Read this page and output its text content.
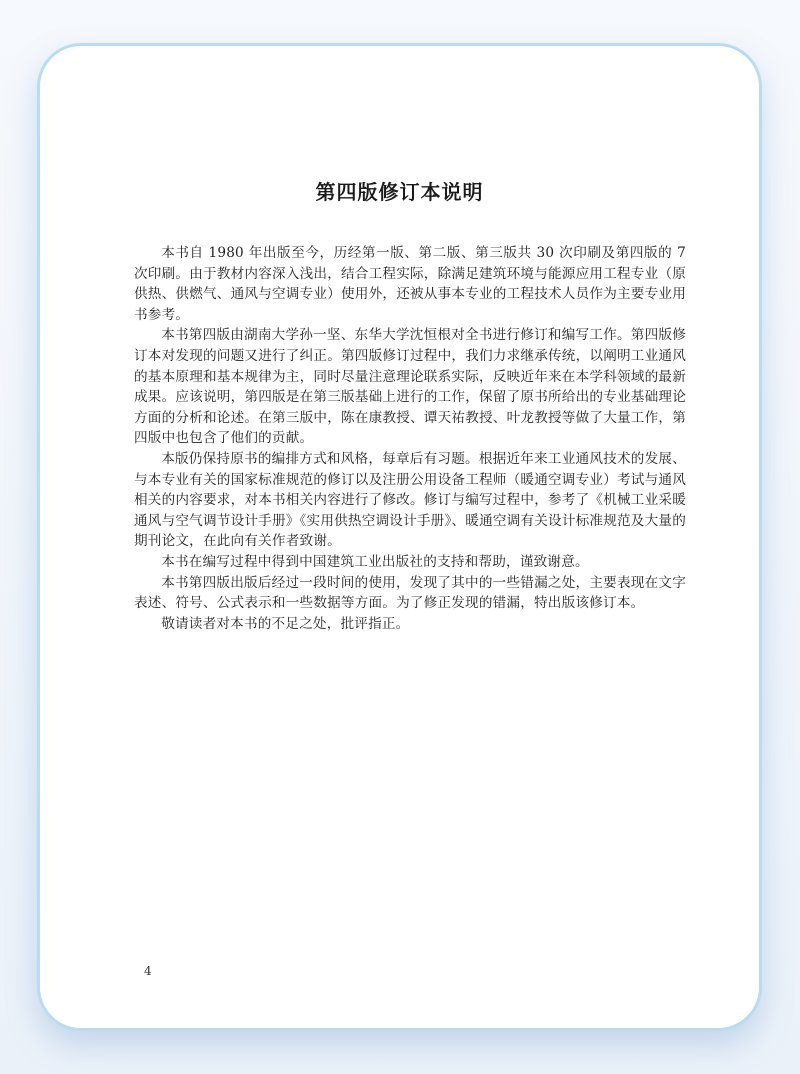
第四版修订本说明

本书自 1980 年出版至今，历经第一版、第二版、第三版共 30 次印刷及第四版的 7 次印刷。由于教材内容深入浅出，结合工程实际，除满足建筑环境与能源应用工程专业（原供热、供燃气、通风与空调专业）使用外，还被从事本专业的工程技术人员作为主要专业用书参考。

本书第四版由湖南大学孙一坚、东华大学沈恒根对全书进行修订和编写工作。第四版修订本对发现的问题又进行了纠正。第四版修订过程中，我们力求继承传统，以阐明工业通风的基本原理和基本规律为主，同时尽量注意理论联系实际，反映近年来在本学科领域的最新成果。应该说明，第四版是在第三版基础上进行的工作，保留了原书所给出的专业基础理论方面的分析和论述。在第三版中，陈在康教授、谭天祐教授、叶龙教授等做了大量工作，第四版中也包含了他们的贡献。

本版仍保持原书的编排方式和风格，每章后有习题。根据近年来工业通风技术的发展、与本专业有关的国家标准规范的修订以及注册公用设备工程师（暖通空调专业）考试与通风相关的内容要求，对本书相关内容进行了修改。修订与编写过程中，参考了《机械工业采暖通风与空气调节设计手册》《实用供热空调设计手册》、暖通空调有关设计标准规范及大量的期刊论文，在此向有关作者致谢。

本书在编写过程中得到中国建筑工业出版社的支持和帮助，谨致谢意。

本书第四版出版后经过一段时间的使用，发现了其中的一些错漏之处，主要表现在文字表述、符号、公式表示和一些数据等方面。为了修正发现的错漏，特出版该修订本。

敬请读者对本书的不足之处，批评指正。

4
